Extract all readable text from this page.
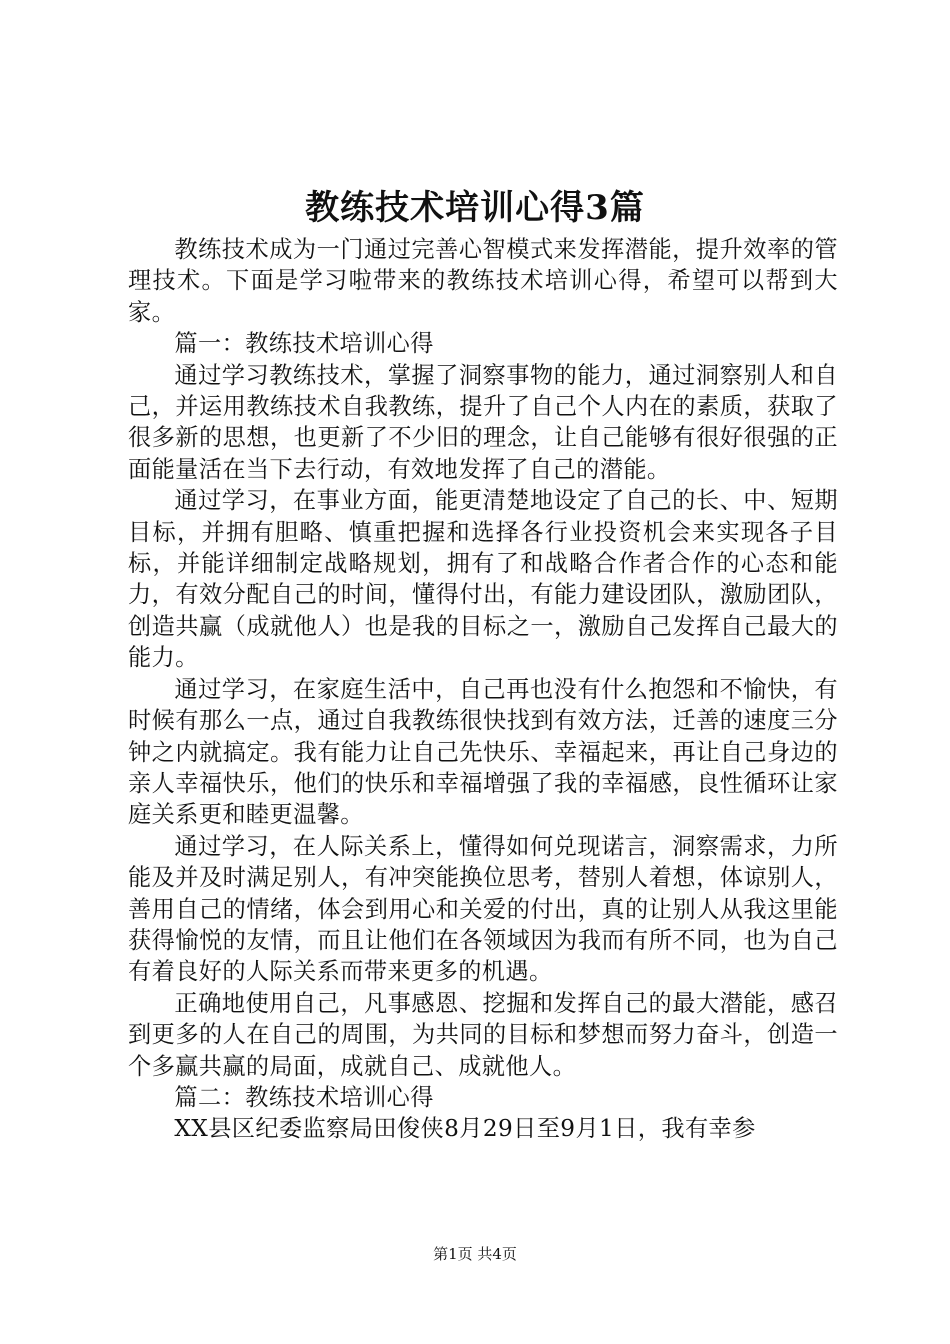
教练技术培训心得3篇

教练技术成为一门通过完善心智模式来发挥潜能，提升效率的管理技术。下面是学习啦带来的教练技术培训心得，希望可以帮到大家。

篇一：教练技术培训心得

通过学习教练技术，掌握了洞察事物的能力，通过洞察别人和自己，并运用教练技术自我教练，提升了自己个人内在的素质，获取了很多新的思想，也更新了不少旧的理念，让自己能够有很好很强的正面能量活在当下去行动，有效地发挥了自己的潜能。

通过学习，在事业方面，能更清楚地设定了自己的长、中、短期目标，并拥有胆略、慎重把握和选择各行业投资机会来实现各子目标，并能详细制定战略规划，拥有了和战略合作者合作的心态和能力，有效分配自己的时间，懂得付出，有能力建设团队，激励团队，创造共赢（成就他人）也是我的目标之一，激励自己发挥自己最大的能力。

通过学习，在家庭生活中，自己再也没有什么抱怨和不愉快，有时候有那么一点，通过自我教练很快找到有效方法，迁善的速度三分钟之内就搞定。我有能力让自己先快乐、幸福起来，再让自己身边的亲人幸福快乐，他们的快乐和幸福增强了我的幸福感，良性循环让家庭关系更和睦更温馨。

通过学习，在人际关系上，懂得如何兑现诺言，洞察需求，力所能及并及时满足别人，有冲突能换位思考，替别人着想，体谅别人，善用自己的情绪，体会到用心和关爱的付出，真的让别人从我这里能获得愉悦的友情，而且让他们在各领域因为我而有所不同，也为自己有着良好的人际关系而带来更多的机遇。

正确地使用自己，凡事感恩、挖掘和发挥自己的最大潜能，感召到更多的人在自己的周围，为共同的目标和梦想而努力奋斗，创造一个多赢共赢的局面，成就自己、成就他人。

篇二：教练技术培训心得

XX县区纪委监察局田俊侠8月29日至9月1日，我有幸参

第1页 共4页
